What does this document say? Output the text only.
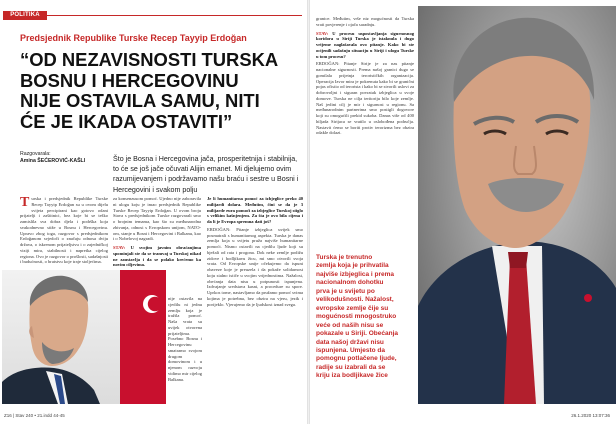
POLITIKA
Predsjednik Republike Turske Recep Tayyip Erdoğan
“OD NEZAVISNOSTI TURSKA
BOSNU I HERCEGOVINU
NIJE OSTAVILA SAMU, NITI
ĆE JE IKADA OSTAVITI”
Razgovarala:
Amina ŠEĆEROVIĆ-KAŠLI	Što je Bosna i Hercegovina jača, prosperitetnija i stabilnija, to će se još jače očuvati Alijin emanet. Mi djelujemo ovim razumijevanjem i podržavamo našu braću i sestre u Bosni i Hercegovini i svakom polju

Turska i predsjednik Republike Turske Recep Tayyip Erdoğan su u ovom dijelu svijeta percipirani kao gotovo odani prijatelji i zaštitnici, bez koje bi se teško zamislila sva dobra djela i podrška koja svakodnevno stiže u Bosnu i Hercegovinu. Upravo zbog toga, razgovor s predsjednikom Erdoğanom svjedoči o značaju odnosa dviju država, o iskrenom prijateljstvu i o zajedničkoj viziji mira, stabilnosti i napretka cijelog regiona. Ovo je razgovor o prošlosti, sadašnjosti i budućnosti, o bratstvu koje traje stoljećima.

za konsenzusom pomoć. Ujedno nije zaboravila ni ulogu koju je imao predsjednik Republike Turske Recep Tayyip Erdoğan. U ovom broju Stava s predsjednikom Turske razgovarali smo o brojnim temama, kao što su međunarodna zbivanja, odnosi s Evropskom unijom, NATO-om, stanje u Bosni i Hercegovini i Balkanu, kao i o Nobelovoj nagradi.

STAV: U svojim javnim obraćanjima spominjali ste da se tramvaj u Turskoj nikad ne zaustavlja i da se polako krećemo ka novim ciljevima.

Je li humanitarna pomoć za izbjeglice preko 40 milijardi dolara. Međutim, čini se da je 3 milijarde eura pomoći za izbjeglice Turskoj stiglo s velikim kašnjenjem. Za šta je ovo bila cijena i da li je Evropa spremna dati još?

ERDOĞAN: Pitanje izbjeglica uvijek smo posmatrali s humanitarnog aspekta. Turska je danas zemlja koja u svijetu pruža najviše humanitarne pomoći. Nismo ostavili na cjedilu ljude koji su bježali od rata i progona. Dok neke zemlje podižu zidove i bodljikavu žicu, mi smo otvorili svoja vrata. Od Evropske unije očekujemo da ispuni obaveze koje je preuzela i da pokaže solidarnost koju stalno ističe u svojim vrijednostima. Nažalost, obećanja data nisu u potpunosti ispunjena. Izdvajanje sredstava kasni, a procedure su spore. Uprkos tome, nastavljamo da pružamo pomoć svima kojima je potrebna, bez obzira na vjeru, jezik i porijeklo. Vjerujemo da je ljudskost iznad svega.

nije ostavila na cjedilu ni jednu zemlju koja je tražila pomoć. Naša vrata su uvijek otvorena prijateljima. Posebno Bosnu i Hercegovinu smatramo svojom drugom domovinom i u njenom razvoju vidimo mir cijelog Balkana.

granice. Međutim, vrše niz mogućnosti da Turska vrati povjerenje i ojača saradnju.

STAV: U procesu uspostavljanja sigurnosnog koridora u Siriji Turska je istaknula i dugo vrijeme naglašavala ovo pitanje. Kako bi ste ocijenili sadašnju situaciju u Siriji i ulogu Turske u tom procesu?

ERDOĞAN: Pitanje Sirije je za nas pitanje nacionalne sigurnosti. Prema našoj granici dugo se gomilala prijetnja terorističkih organizacija. Operacija Izvor mira je pokrenuta kako bi se granični pojas očistio od terorista i kako bi se stvorili uslovi za dobrovoljni i siguran povratak izbjeglica u svoje domove. Turska ne cilja teritoriju bilo koje zemlje. Naš jedini cilj je mir i sigurnost u regionu. Sa međunarodnim partnerima smo postigli dogovore koji su omogućili prekid sukoba. Danas više od 400 hiljada Sirijaca se vratilo u oslobođena područja. Nastavit ćemo se boriti protiv terorizma bez obzira odakle dolazi.

Turska je trenutno
zemlja koja je prihvatila
najviše izbjeglica i prema
nacionalnom dohotku
prva je u svijetu po
velikodušnosti. Nažalost,
evropske zemlje čije su
mogućnosti mnogostruko
veće od naših nisu se
pokazale u Siriji. Obećanja
data našoj državi nisu
ispunjena. Umjesto da
pomognu potlačene ljude,
radije su izabrali da se
kriju iza bodljikave žice
Z16 | Stav 240 • 21.indd 44-45	26.1.2020 13:07:36
